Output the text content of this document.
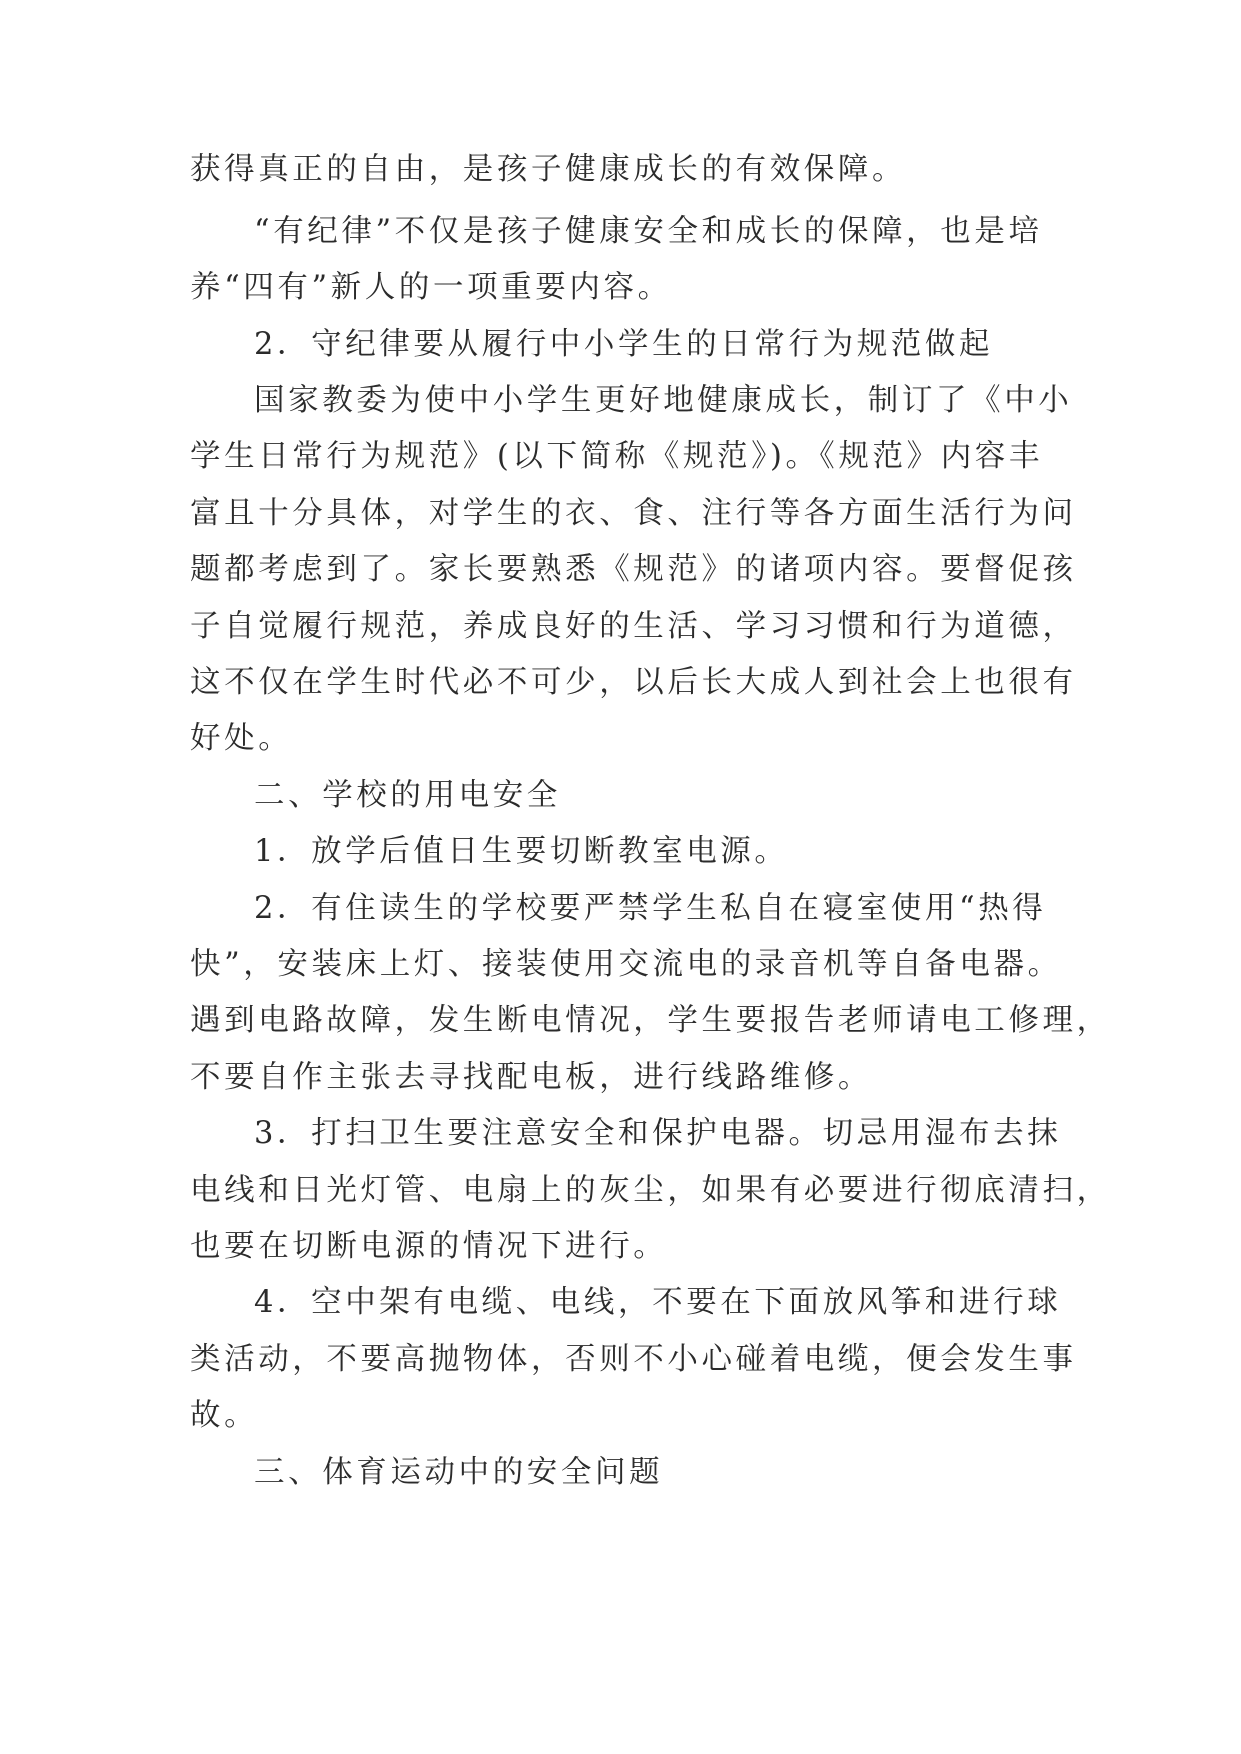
获得真正的自由，是孩子健康成长的有效保障。
“有纪律”不仅是孩子健康安全和成长的保障，也是培
养“四有”新人的一项重要内容。
2．守纪律要从履行中小学生的日常行为规范做起
国家教委为使中小学生更好地健康成长，制订了《中小
学生日常行为规范》(以下简称《规范》)。《规范》内容丰
富且十分具体，对学生的衣、食、注行等各方面生活行为问
题都考虑到了。家长要熟悉《规范》的诸项内容。要督促孩
子自觉履行规范，养成良好的生活、学习习惯和行为道德，
这不仅在学生时代必不可少，以后长大成人到社会上也很有
好处。
二、学校的用电安全
1．放学后值日生要切断教室电源。
2．有住读生的学校要严禁学生私自在寝室使用“热得
快”，安装床上灯、接装使用交流电的录音机等自备电器。
遇到电路故障，发生断电情况，学生要报告老师请电工修理，
不要自作主张去寻找配电板，进行线路维修。
3．打扫卫生要注意安全和保护电器。切忌用湿布去抹
电线和日光灯管、电扇上的灰尘，如果有必要进行彻底清扫，
也要在切断电源的情况下进行。
4．空中架有电缆、电线，不要在下面放风筝和进行球
类活动，不要高抛物体，否则不小心碰着电缆，便会发生事
故。
三、体育运动中的安全问题
